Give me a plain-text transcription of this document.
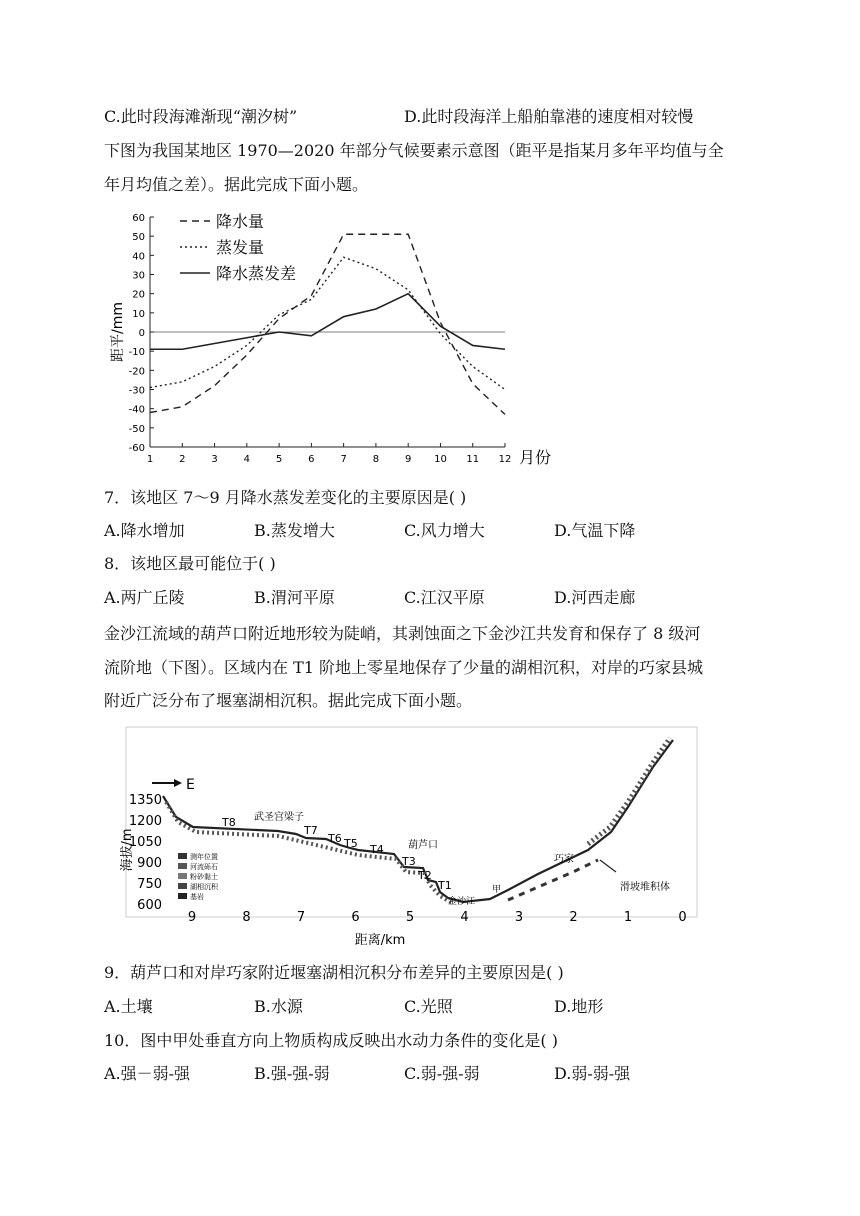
C.此时段海滩渐现“潮汐树”	D.此时段海洋上船舶靠港的速度相对较慢
下图为我国某地区 1970—2020 年部分气候要素示意图（距平是指某月多年平均值与全
年月均值之差）。据此完成下面小题。
60
50
40
30
20
10
0
-10
-20
-30
-40
-50
-60
1	2	3	4	5	6	7	8	9 10 11 12 月份
距平/mm
降水量
蒸发量
降水蒸发差
7．该地区 7～9 月降水蒸发差变化的主要原因是( )
A.降水增加	B.蒸发增大	C.风力增大	D.气温下降
8．该地区最可能位于( )
A.两广丘陵	B.渭河平原	C.江汉平原	D.河西走廊
金沙江流域的葫芦口附近地形较为陡峭，其剥蚀面之下金沙江共发育和保存了 8 级河
流阶地（下图）。区域内在 T1 阶地上零星地保存了少量的湖相沉积，对岸的巧家县城
附近广泛分布了堰塞湖相沉积。据此完成下面小题。
E
海拔/m
1350
1200
1050
900
750
600
9	8	7	6	5	4	3	2	1	0
距离/km
T8
T7
T6 T5 T4
T3
T2
T1
武圣宫梁子
葫芦口
巧家
金沙江
甲	滑坡堆积体
测年位置
河流砾石
粉砂黏土
湖相沉积
基岩
9．葫芦口和对岸巧家附近堰塞湖相沉积分布差异的主要原因是( )
A.土壤	B.水源	C.光照	D.地形
10．图中甲处垂直方向上物质构成反映出水动力条件的变化是( )
A.强－弱-强	B.强-强-弱	C.弱-强-弱	D.弱-弱-强
